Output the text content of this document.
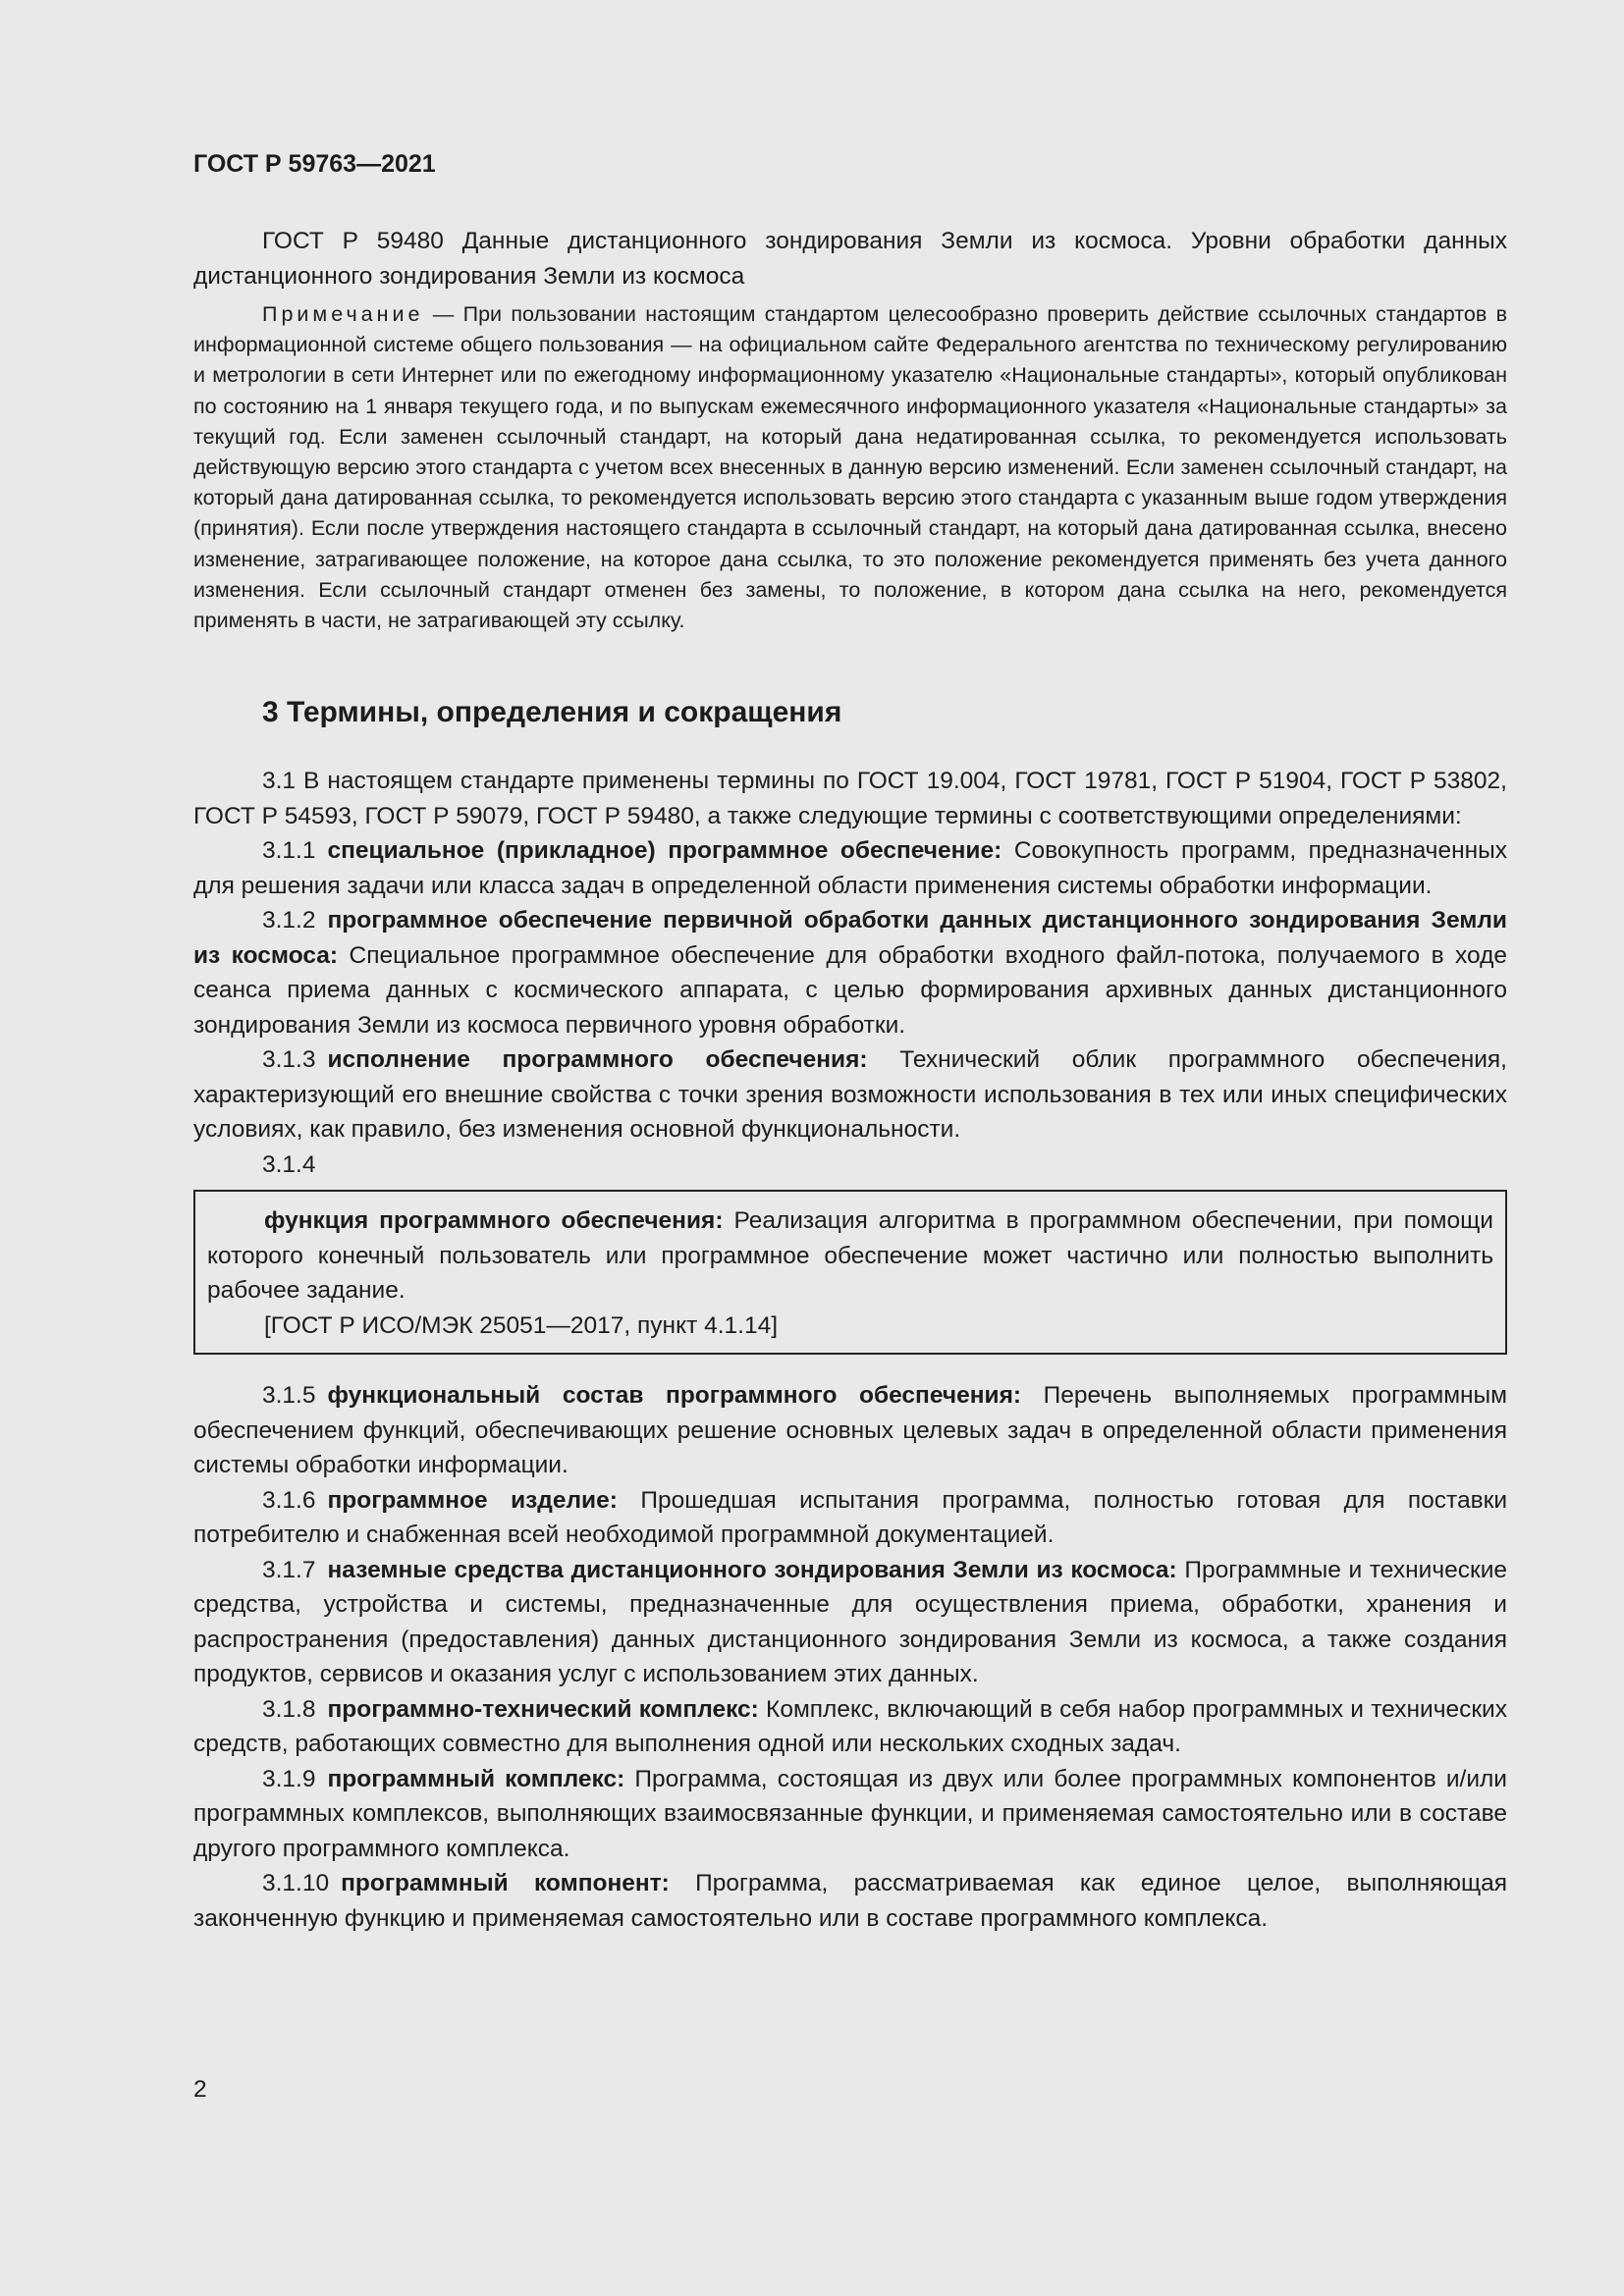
ГОСТ Р 59763—2021

ГОСТ Р 59480 Данные дистанционного зондирования Земли из космоса. Уровни обработки данных дистанционного зондирования Земли из космоса

Примечание — При пользовании настоящим стандартом целесообразно проверить действие ссылочных стандартов в информационной системе общего пользования — на официальном сайте Федерального агентства по техническому регулированию и метрологии в сети Интернет или по ежегодному информационному указателю «Национальные стандарты», который опубликован по состоянию на 1 января текущего года, и по выпускам ежемесячного информационного указателя «Национальные стандарты» за текущий год. Если заменен ссылочный стандарт, на который дана недатированная ссылка, то рекомендуется использовать действующую версию этого стандарта с учетом всех внесенных в данную версию изменений. Если заменен ссылочный стандарт, на который дана датированная ссылка, то рекомендуется использовать версию этого стандарта с указанным выше годом утверждения (принятия). Если после утверждения настоящего стандарта в ссылочный стандарт, на который дана датированная ссылка, внесено изменение, затрагивающее положение, на которое дана ссылка, то это положение рекомендуется применять без учета данного изменения. Если ссылочный стандарт отменен без замены, то положение, в котором дана ссылка на него, рекомендуется применять в части, не затрагивающей эту ссылку.

3 Термины, определения и сокращения

3.1 В настоящем стандарте применены термины по ГОСТ 19.004, ГОСТ 19781, ГОСТ Р 51904, ГОСТ Р 53802, ГОСТ Р 54593, ГОСТ Р 59079, ГОСТ Р 59480, а также следующие термины с соответствующими определениями:

3.1.1 специальное (прикладное) программное обеспечение: Совокупность программ, предназначенных для решения задачи или класса задач в определенной области применения системы обработки информации.

3.1.2 программное обеспечение первичной обработки данных дистанционного зондирования Земли из космоса: Специальное программное обеспечение для обработки входного файл-потока, получаемого в ходе сеанса приема данных с космического аппарата, с целью формирования архивных данных дистанционного зондирования Земли из космоса первичного уровня обработки.

3.1.3 исполнение программного обеспечения: Технический облик программного обеспечения, характеризующий его внешние свойства с точки зрения возможности использования в тех или иных специфических условиях, как правило, без изменения основной функциональности.

3.1.4

функция программного обеспечения: Реализация алгоритма в программном обеспечении, при помощи которого конечный пользователь или программное обеспечение может частично или полностью выполнить рабочее задание.

[ГОСТ Р ИСО/МЭК 25051—2017, пункт 4.1.14]

3.1.5 функциональный состав программного обеспечения: Перечень выполняемых программным обеспечением функций, обеспечивающих решение основных целевых задач в определенной области применения системы обработки информации.

3.1.6 программное изделие: Прошедшая испытания программа, полностью готовая для поставки потребителю и снабженная всей необходимой программной документацией.

3.1.7 наземные средства дистанционного зондирования Земли из космоса: Программные и технические средства, устройства и системы, предназначенные для осуществления приема, обработки, хранения и распространения (предоставления) данных дистанционного зондирования Земли из космоса, а также создания продуктов, сервисов и оказания услуг с использованием этих данных.

3.1.8 программно-технический комплекс: Комплекс, включающий в себя набор программных и технических средств, работающих совместно для выполнения одной или нескольких сходных задач.

3.1.9 программный комплекс: Программа, состоящая из двух или более программных компонентов и/или программных комплексов, выполняющих взаимосвязанные функции, и применяемая самостоятельно или в составе другого программного комплекса.

3.1.10 программный компонент: Программа, рассматриваемая как единое целое, выполняющая законченную функцию и применяемая самостоятельно или в составе программного комплекса.

2
